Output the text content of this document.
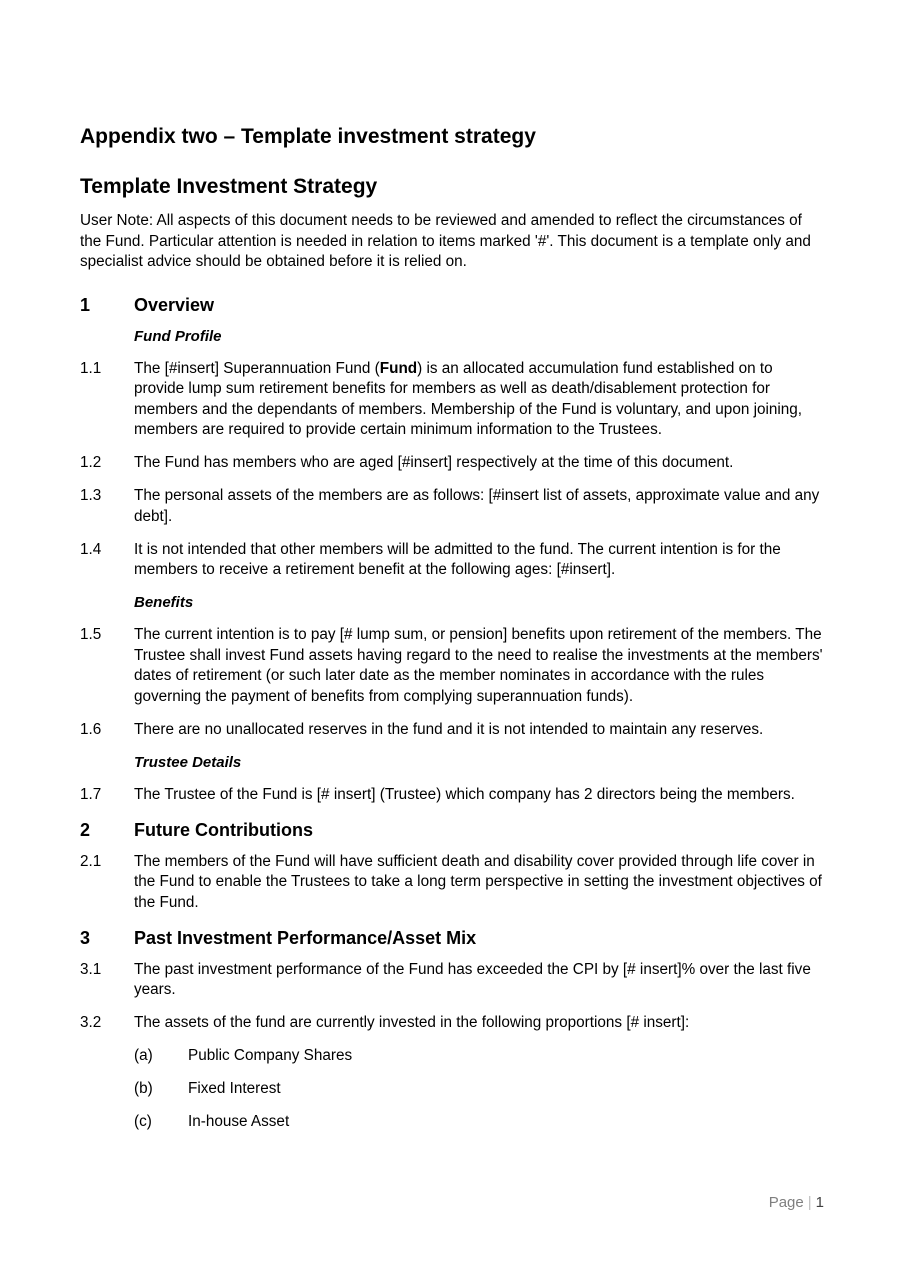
Appendix two – Template investment strategy
Template Investment Strategy

User Note: All aspects of this document needs to be reviewed and amended to reflect the circumstances of the Fund. Particular attention is needed in relation to items marked '#'. This document is a template only and specialist advice should be obtained before it is relied on.

1	Overview
Fund Profile
1.1	The [#insert] Superannuation Fund (Fund) is an allocated accumulation fund established on to provide lump sum retirement benefits for members as well as death/disablement protection for members and the dependants of members. Membership of the Fund is voluntary, and upon joining, members are required to provide certain minimum information to the Trustees.
1.2	The Fund has members who are aged [#insert] respectively at the time of this document.
1.3	The personal assets of the members are as follows: [#insert list of assets, approximate value and any debt].
1.4	It is not intended that other members will be admitted to the fund. The current intention is for the members to receive a retirement benefit at the following ages: [#insert].
Benefits
1.5	The current intention is to pay [# lump sum, or pension] benefits upon retirement of the members. The Trustee shall invest Fund assets having regard to the need to realise the investments at the members' dates of retirement (or such later date as the member nominates in accordance with the rules governing the payment of benefits from complying superannuation funds).
1.6	There are no unallocated reserves in the fund and it is not intended to maintain any reserves.
Trustee Details
1.7	The Trustee of the Fund is [# insert] (Trustee) which company has 2 directors being the members.
2	Future Contributions
2.1	The members of the Fund will have sufficient death and disability cover provided through life cover in the Fund to enable the Trustees to take a long term perspective in setting the investment objectives of the Fund.
3	Past Investment Performance/Asset Mix
3.1	The past investment performance of the Fund has exceeded the CPI by [# insert]% over the last five years.
3.2	The assets of the fund are currently invested in the following proportions [# insert]:
(a)	Public Company Shares
(b)	Fixed Interest
(c)	In-house Asset
Page | 1
